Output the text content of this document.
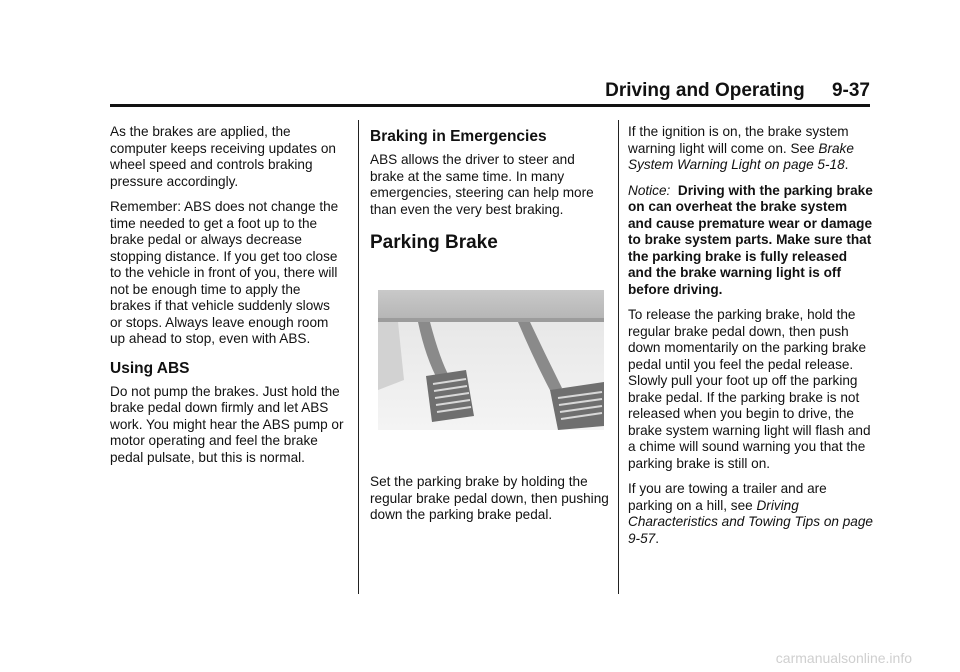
Driving and Operating 9-37

As the brakes are applied, the computer keeps receiving updates on wheel speed and controls braking pressure accordingly.

Remember: ABS does not change the time needed to get a foot up to the brake pedal or always decrease stopping distance. If you get too close to the vehicle in front of you, there will not be enough time to apply the brakes if that vehicle suddenly slows or stops. Always leave enough room up ahead to stop, even with ABS.

Using ABS

Do not pump the brakes. Just hold the brake pedal down firmly and let ABS work. You might hear the ABS pump or motor operating and feel the brake pedal pulsate, but this is normal.

Braking in Emergencies

ABS allows the driver to steer and brake at the same time. In many emergencies, steering can help more than even the very best braking.

Parking Brake

Set the parking brake by holding the regular brake pedal down, then pushing down the parking brake pedal.

If the ignition is on, the brake system warning light will come on. See Brake System Warning Light on page 5-18.

Notice: Driving with the parking brake on can overheat the brake system and cause premature wear or damage to brake system parts. Make sure that the parking brake is fully released and the brake warning light is off before driving.

To release the parking brake, hold the regular brake pedal down, then push down momentarily on the parking brake pedal until you feel the pedal release. Slowly pull your foot up off the parking brake pedal. If the parking brake is not released when you begin to drive, the brake system warning light will flash and a chime will sound warning you that the parking brake is still on.

If you are towing a trailer and are parking on a hill, see Driving Characteristics and Towing Tips on page 9-57.

carmanualsonline.info
